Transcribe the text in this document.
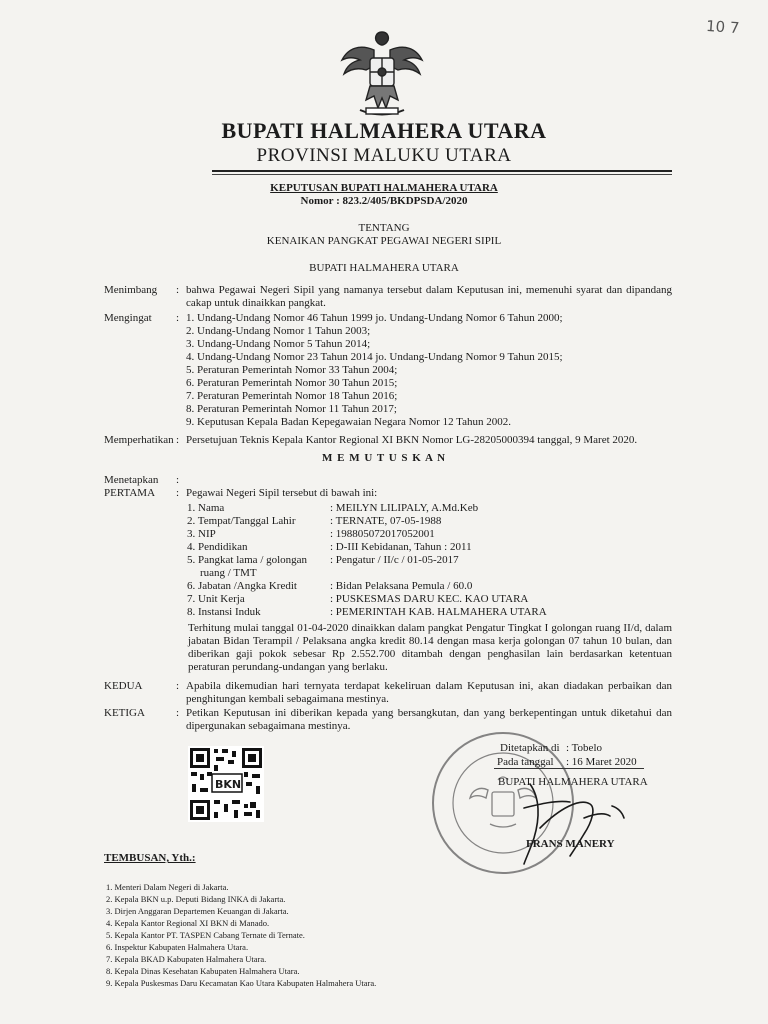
10 7
BUPATI HALMAHERA UTARA
PROVINSI MALUKU UTARA
KEPUTUSAN BUPATI HALMAHERA UTARA
Nomor : 823.2/405/BKDPSDA/2020
TENTANG
KENAIKAN PANGKAT PEGAWAI NEGERI SIPIL
BUPATI HALMAHERA UTARA
Menimbang : bahwa Pegawai Negeri Sipil yang namanya tersebut dalam Keputusan ini, memenuhi syarat dan dipandang cakap untuk dinaikkan pangkat.
Mengingat : 1. Undang-Undang Nomor 46 Tahun 1999 jo. Undang-Undang Nomor 6 Tahun 2000;
2. Undang-Undang Nomor 1 Tahun 2003;
3. Undang-Undang Nomor 5 Tahun 2014;
4. Undang-Undang Nomor 23 Tahun 2014 jo. Undang-Undang Nomor 9 Tahun 2015;
5. Peraturan Pemerintah Nomor 33 Tahun 2004;
6. Peraturan Pemerintah Nomor 30 Tahun 2015;
7. Peraturan Pemerintah Nomor 18 Tahun 2016;
8. Peraturan Pemerintah Nomor 11 Tahun 2017;
9. Keputusan Kepala Badan Kepegawaian Negara Nomor 12 Tahun 2002.
Memperhatikan : Persetujuan Teknis Kepala Kantor Regional XI BKN Nomor LG-28205000394 tanggal, 9 Maret 2020.
M E M U T U S K A N
Menetapkan :
PERTAMA : Pegawai Negeri Sipil tersebut di bawah ini:
1. Nama	: MEILYN LILIPALY, A.Md.Keb
2. Tempat/Tanggal Lahir	: TERNATE, 07-05-1988
3. NIP	: 198805072017052001
4. Pendidikan	: D-III Kebidanan, Tahun : 2011
5. Pangkat lama / golongan : Pengatur / II/c / 01-05-2017
ruang / TMT
6. Jabatan /Angka Kredit	: Bidan Pelaksana Pemula / 60.0
7. Unit Kerja	: PUSKESMAS DARU KEC. KAO UTARA
8. Instansi Induk	: PEMERINTAH KAB. HALMAHERA UTARA
Terhitung mulai tanggal 01-04-2020 dinaikkan dalam pangkat Pengatur Tingkat I golongan ruang II/d, dalam jabatan Bidan Terampil / Pelaksana angka kredit 80.14 dengan masa kerja golongan 07 tahun 10 bulan, dan diberikan gaji pokok sebesar Rp 2.552.700 ditambah dengan penghasilan lain berdasarkan ketentuan peraturan perundang-undangan yang berlaku.
KEDUA	: Apabila dikemudian hari ternyata terdapat kekeliruan dalam Keputusan ini, akan diadakan perbaikan dan penghitungan kembali sebagaimana mestinya.
KETIGA	: Petikan Keputusan ini diberikan kepada yang bersangkutan, dan yang berkepentingan untuk diketahui dan dipergunakan sebagaimana mestinya.
BKN
Ditetapkan di : Tobelo
Pada tanggal : 16 Maret 2020
BUPATI HALMAHERA UTARA
FRANS MANERY
TEMBUSAN, Yth.:
1. Menteri Dalam Negeri di Jakarta.
2. Kepala BKN u.p. Deputi Bidang INKA di Jakarta.
3. Dirjen Anggaran Departemen Keuangan di Jakarta.
4. Kepala Kantor Regional XI BKN di Manado.
5. Kepala Kantor PT. TASPEN Cabang Ternate di Ternate.
6. Inspektur Kabupaten Halmahera Utara.
7. Kepala BKAD Kabupaten Halmahera Utara.
8. Kepala Dinas Kesehatan Kabupaten Halmahera Utara.
9. Kepala Puskesmas Daru Kecamatan Kao Utara Kabupaten Halmahera Utara.
